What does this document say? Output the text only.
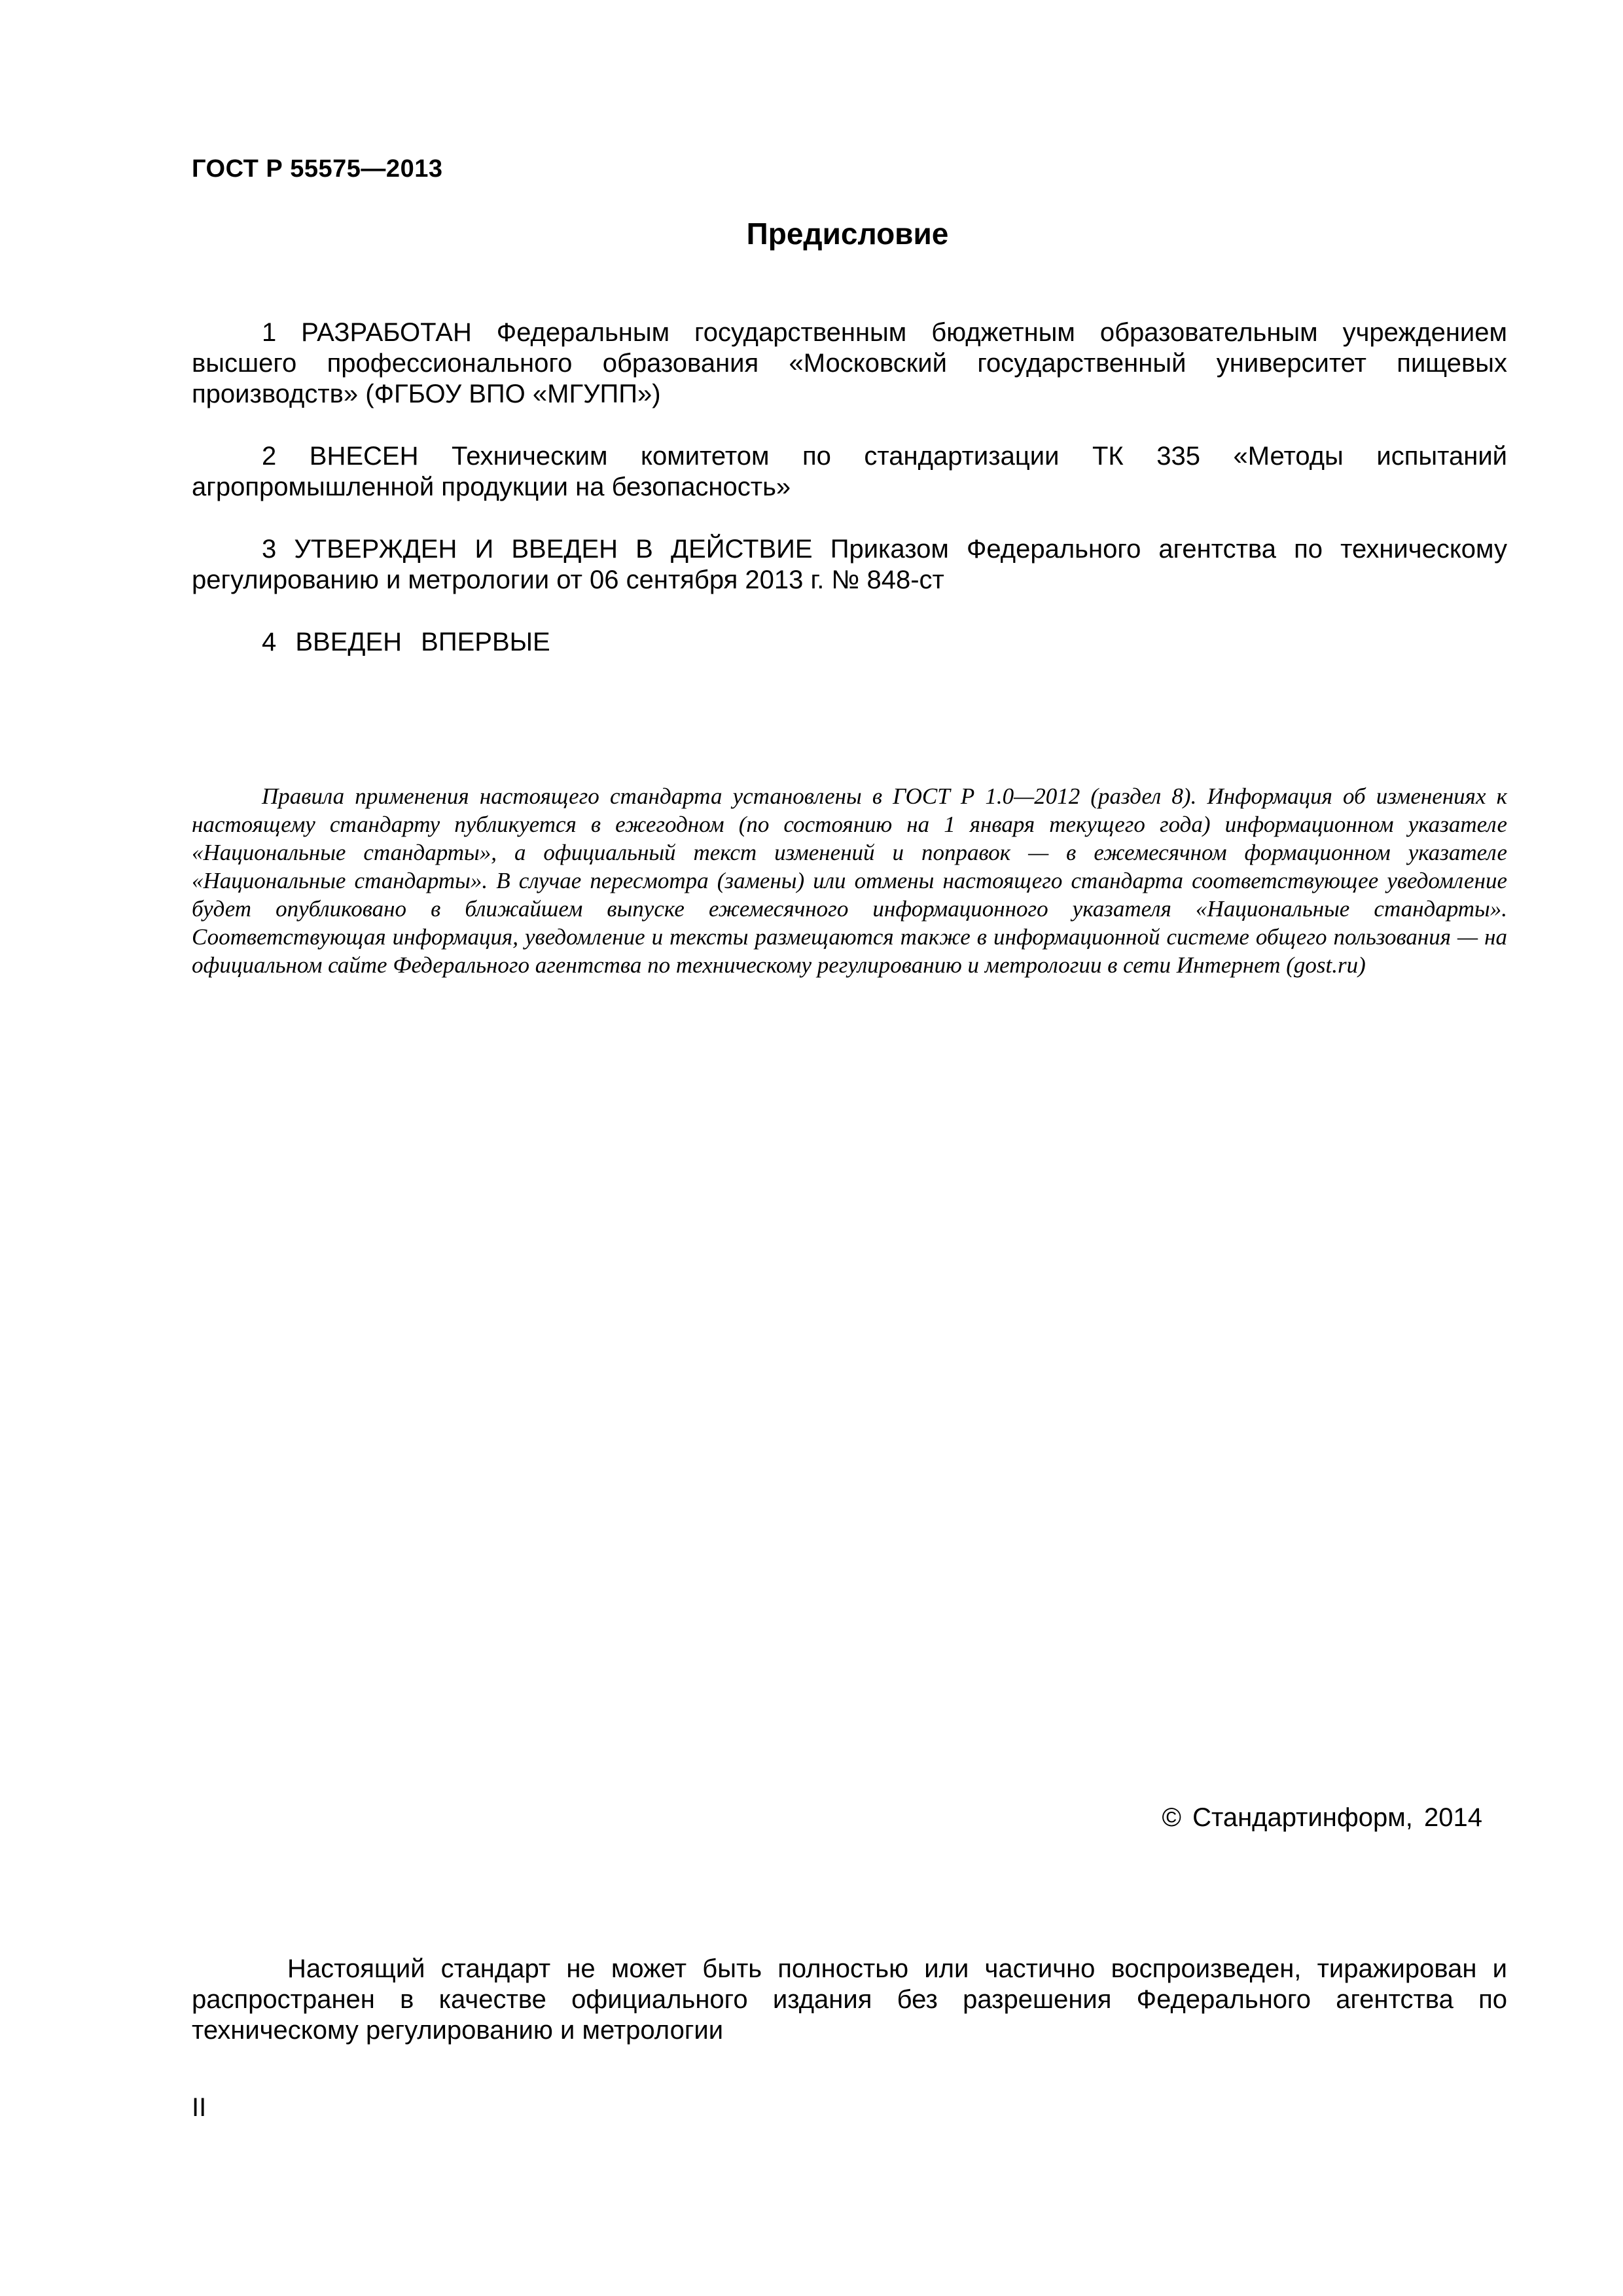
ГОСТ Р 55575—2013
Предисловие

1 РАЗРАБОТАН Федеральным государственным бюджетным образовательным учреждением высшего профессионального образования «Московский государственный университет пищевых производств» (ФГБОУ ВПО «МГУПП»)

2 ВНЕСЕН Техническим комитетом по стандартизации ТК 335 «Методы испытаний агропромышленной продукции на безопасность»

3 УТВЕРЖДЕН И ВВЕДЕН В ДЕЙСТВИЕ Приказом Федерального агентства по техническому регулированию и метрологии от 06 сентября 2013 г. № 848-ст

4 ВВЕДЕН ВПЕРВЫЕ

Правила применения настоящего стандарта установлены в ГОСТ Р 1.0—2012 (раздел 8). Информация об изменениях к настоящему стандарту публикуется в ежегодном (по состоянию на 1 января текущего года) информационном указателе «Национальные стандарты», а официальный текст изменений и поправок — в ежемесячном формационном указателе «Национальные стандарты». В случае пересмотра (замены) или отмены настоящего стандарта соответствующее уведомление будет опубликовано в ближайшем выпуске ежемесячного информационного указателя «Национальные стандарты». Соответствующая информация, уведомление и тексты размещаются также в информационной системе общего пользования — на официальном сайте Федерального агентства по техническому регулированию и метрологии в сети Интернет (gost.ru)
© Стандартинформ, 2014
Настоящий стандарт не может быть полностью или частично воспроизведен, тиражирован и распространен в качестве официального издания без разрешения Федерального агентства по техническому регулированию и метрологии
II
